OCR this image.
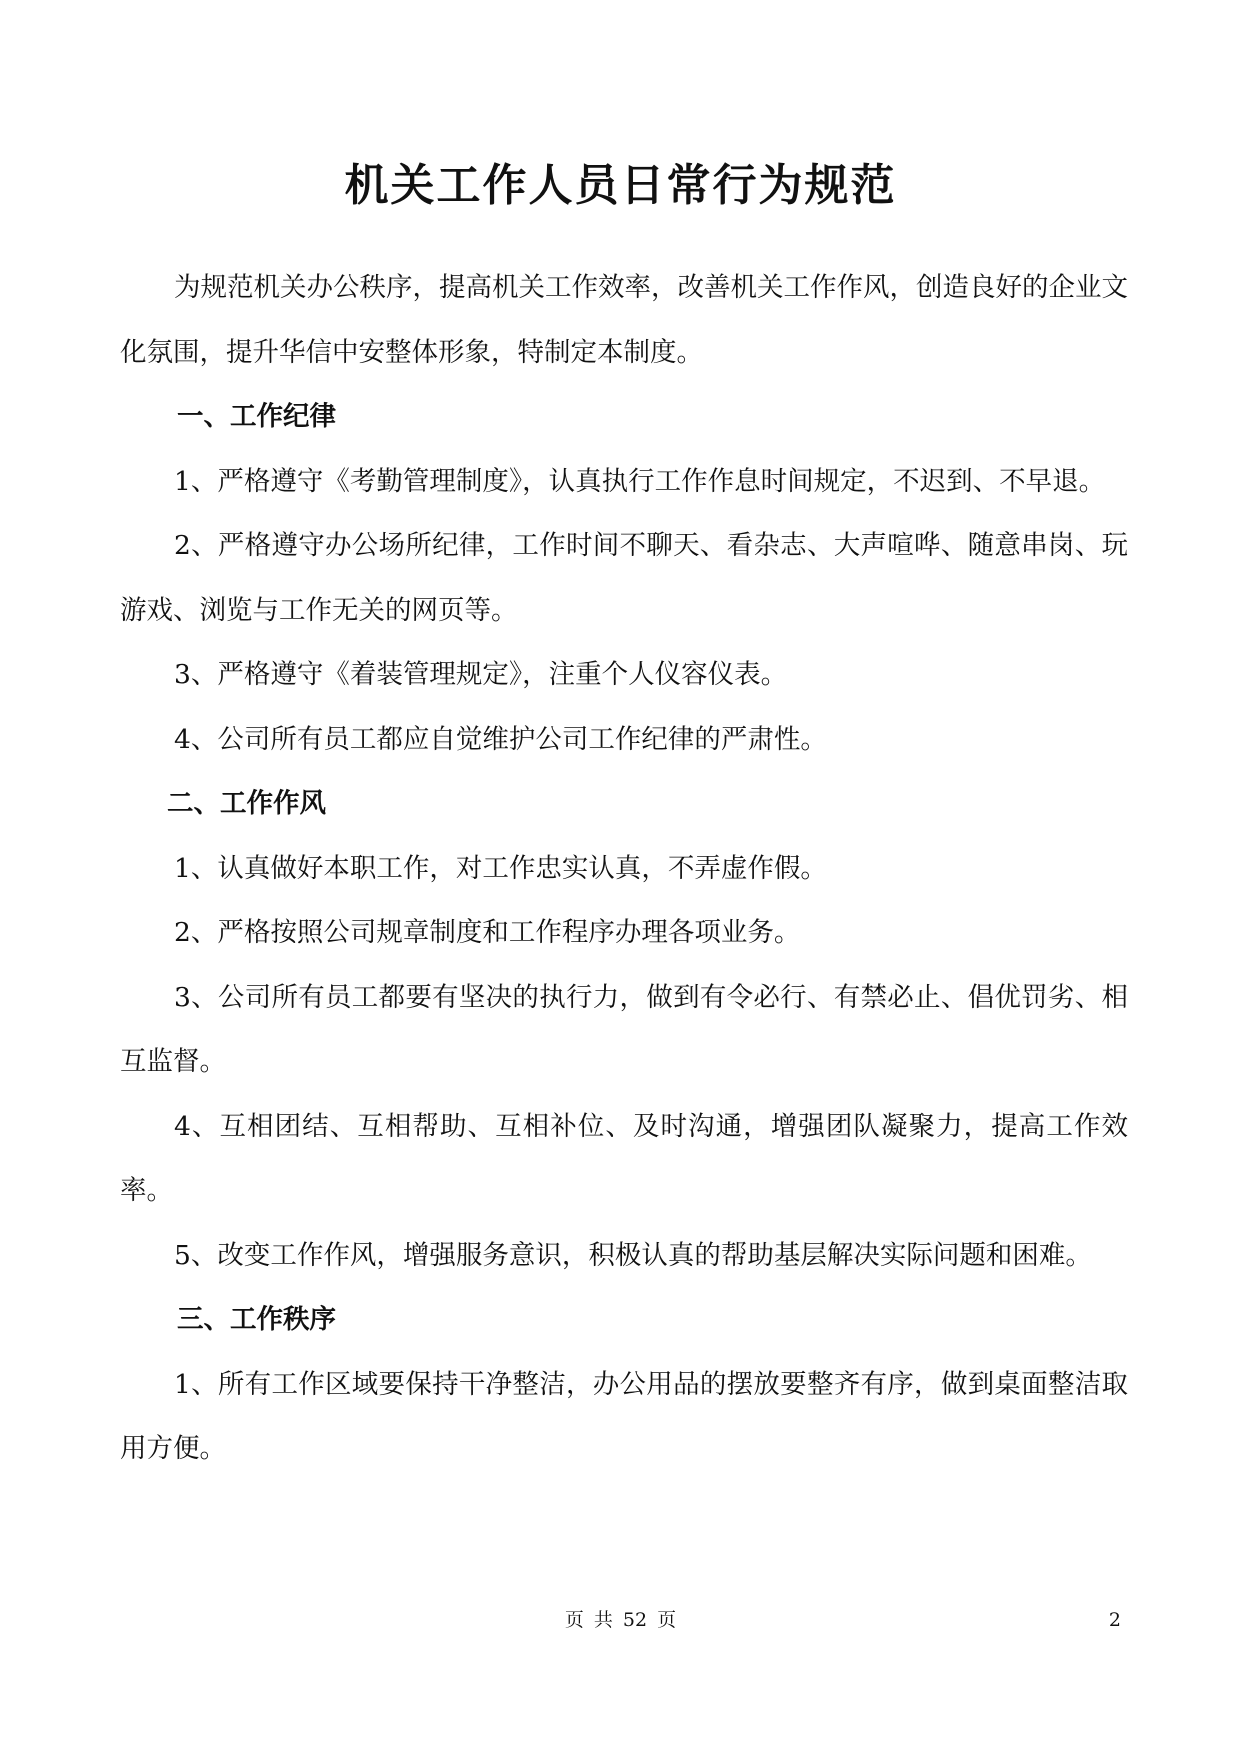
机关工作人员日常行为规范

为规范机关办公秩序，提高机关工作效率，改善机关工作作风，创造良好的企业文化氛围，提升华信中安整体形象，特制定本制度。

一、工作纪律

1、严格遵守《考勤管理制度》，认真执行工作作息时间规定，不迟到、不早退。

2、严格遵守办公场所纪律，工作时间不聊天、看杂志、大声喧哗、随意串岗、玩游戏、浏览与工作无关的网页等。

3、严格遵守《着装管理规定》，注重个人仪容仪表。

4、公司所有员工都应自觉维护公司工作纪律的严肃性。

二、工作作风

1、认真做好本职工作，对工作忠实认真，不弄虚作假。

2、严格按照公司规章制度和工作程序办理各项业务。

3、公司所有员工都要有坚决的执行力，做到有令必行、有禁必止、倡优罚劣、相互监督。

4、互相团结、互相帮助、互相补位、及时沟通，增强团队凝聚力，提高工作效率。

5、改变工作作风，增强服务意识，积极认真的帮助基层解决实际问题和困难。

三、工作秩序

1、所有工作区域要保持干净整洁，办公用品的摆放要整齐有序，做到桌面整洁取用方便。

页 共 52 页	2
